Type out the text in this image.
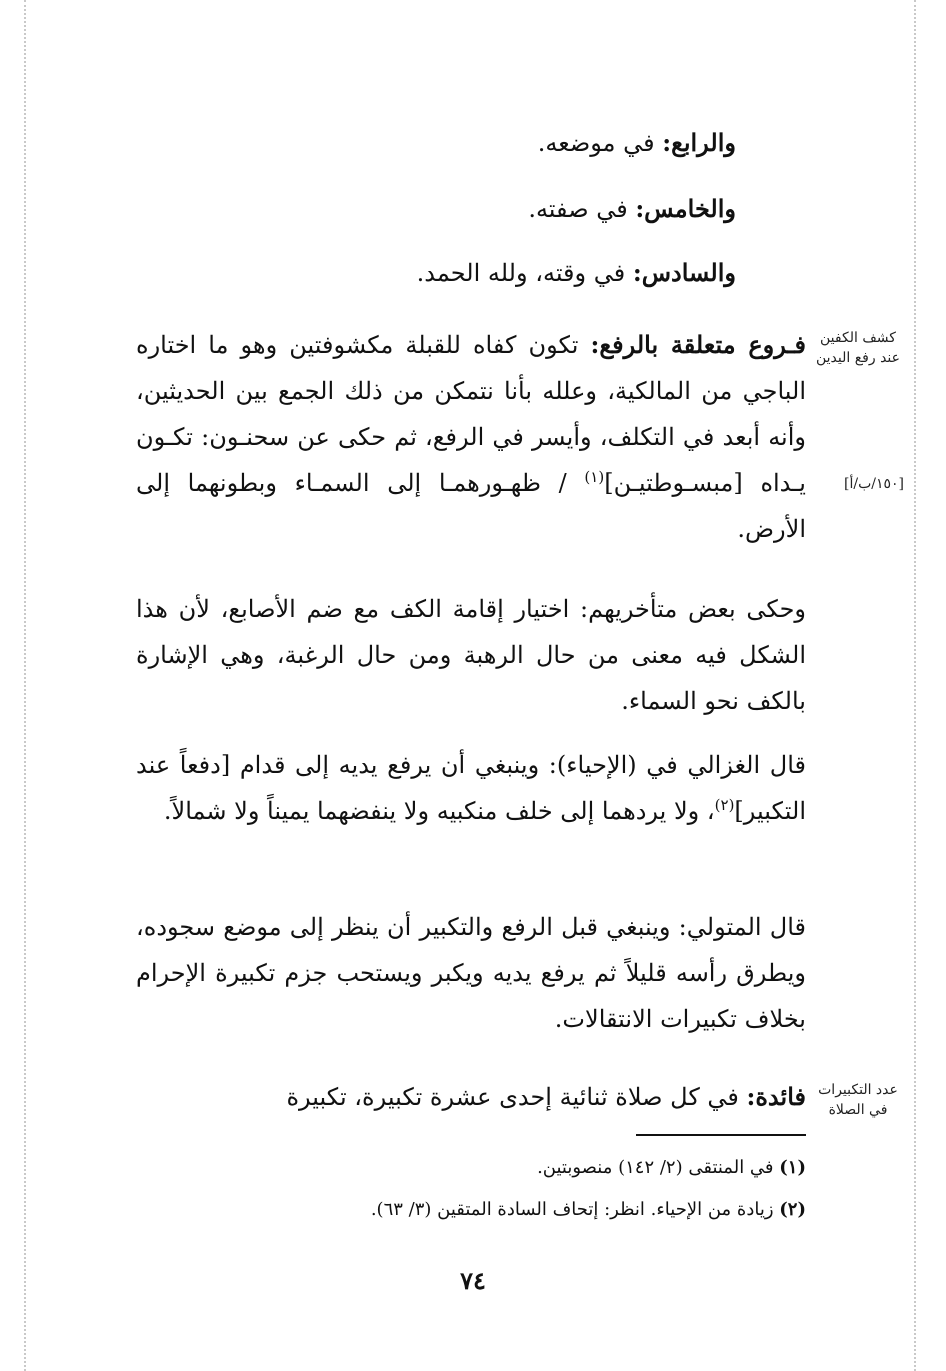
والرابع: في موضعه.
والخامس: في صفته.
والسادس: في وقته، ولله الحمد.
فـروع متعلقة بالرفع: تكون كفاه للقبلة مكشوفتين وهو ما اختاره الباجي من المالكية، وعلله بأنا نتمكن من ذلك الجمع بين الحديثين، وأنه أبعد في التكلف، وأيسر في الرفع، ثم حكى عن سحنـون: تكـون يـداه [مبسـوطتيـن]$^{(١)}$ / ظهـورهمـا إلى السمـاء وبطونهما إلى الأرض.
وحكى بعض متأخريهم: اختيار إقامة الكف مع ضم الأصابع، لأن هذا الشكل فيه معنى من حال الرهبة ومن حال الرغبة، وهي الإشارة بالكف نحو السماء.
قال الغزالي في (الإحياء): وينبغي أن يرفع يديه إلى قدام [دفعاً عند التكبير]$^{(٢)}$، ولا يردهما إلى خلف منكبيه ولا ينفضهما يميناً ولا شمالاً.
قال المتولي: وينبغي قبل الرفع والتكبير أن ينظر إلى موضع سجوده، ويطرق رأسه قليلاً ثم يرفع يديه ويكبر ويستحب جزم تكبيرة الإحرام بخلاف تكبيرات الانتقالات.
فائدة: في كل صلاة ثنائية إحدى عشرة تكبيرة، تكبيرة
كشف الكفين
عند رفع اليدين
[١٥٠/ب/أ]
عدد التكبيرات
في الصلاة
(١) في المنتقى (٢/ ١٤٢) منصوبتين.
(٢) زيادة من الإحياء. انظر: إتحاف السادة المتقين (٣/ ٦٣).
٧٤
